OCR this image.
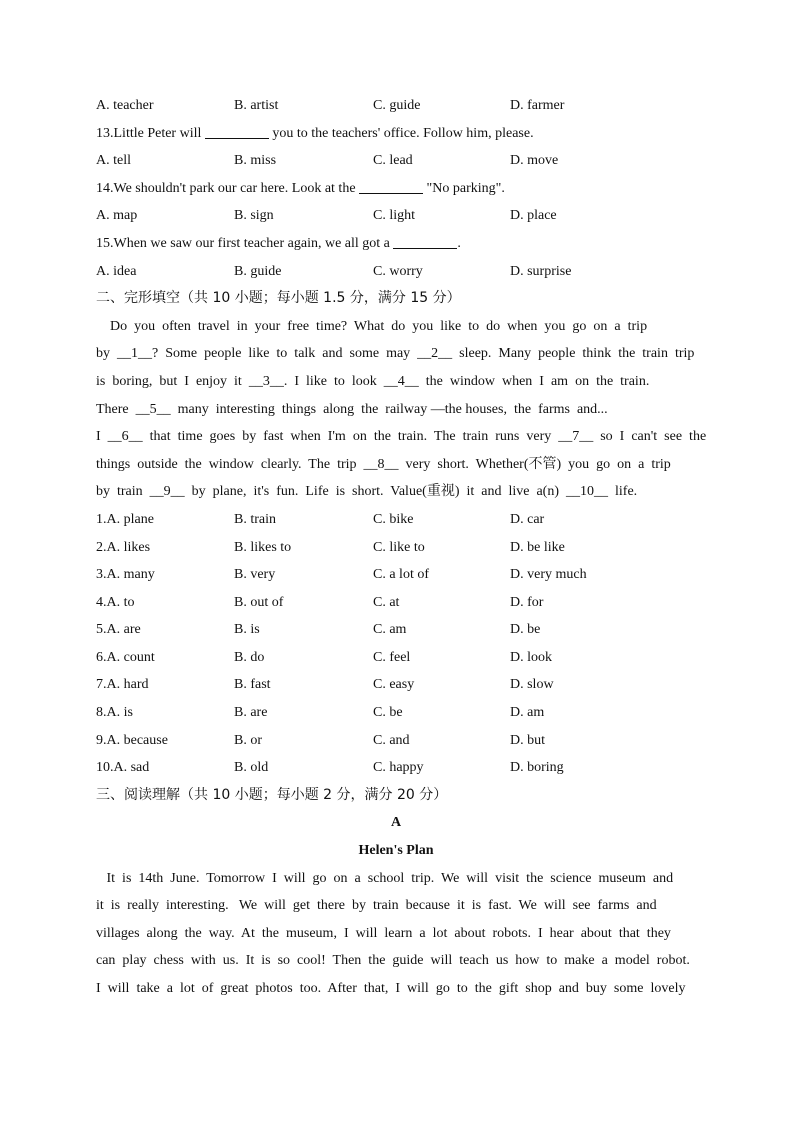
A. teacher	B. artist	C. guide	D. farmer
13.Little Peter will	you to the teachers' office. Follow him, please.
A. tell	B. miss	C. lead	D. move
14.We shouldn't park our car here. Look at the	"No parking".
A. map	B. sign	C. light	D. place
15.When we saw our first teacher again, we all got a	.
A. idea	B. guide	C. worry	D. surprise
二、完形填空（共 10 小题；每小题 1.5 分，满分 15 分）
Do  you  often  travel  in  your  free  time?  What  do  you  like  to  do  when  you  go  on  a  trip
by  __1__?  Some  people  like  to  talk  and  some  may  __2__  sleep.  Many  people  think  the  train  trip
is  boring,  but  I  enjoy  it  __3__.  I  like  to  look  __4__  the  window  when  I  am  on  the  train.
There  __5__  many  interesting  things  along  the  railway —the houses,  the  farms  and...
I  __6__  that  time  goes  by  fast  when  I'm  on  the  train.  The  train  runs  very  __7__  so  I  can't  see  the
things  outside  the  window  clearly.  The  trip  __8__  very  short.  Whether(不管)  you  go  on  a  trip
by  train  __9__  by  plane,  it's  fun.  Life  is  short.  Value(重视)  it  and  live  a(n)  __10__  life.
1.A. plane	B. train	C. bike	D. car
2.A. likes	B. likes to	C. like to	D. be like
3.A. many	B. very	C. a lot of	D. very much
4.A. to	B. out of	C. at	D. for
5.A. are	B. is	C. am	D. be
6.A. count	B. do	C. feel	D. look
7.A. hard	B. fast	C. easy	D. slow
8.A. is	B. are	C. be	D. am
9.A. because	B. or	C. and	D. but
10.A. sad	B. old	C. happy	D. boring
三、阅读理解（共 10 小题；每小题 2 分，满分 20 分）
A
Helen's Plan
It  is  14th  June.  Tomorrow  I  will  go  on  a  school  trip.  We  will  visit  the  science  museum  and
it  is  really  interesting.   We  will  get  there  by  train  because  it  is  fast.  We  will  see  farms  and
villages  along  the  way.  At  the  museum,  I  will  learn  a  lot  about  robots.  I  hear  about  that  they
can  play  chess  with  us.  It  is  so  cool!  Then  the  guide  will  teach  us  how  to  make  a  model  robot.
I  will  take  a  lot  of  great  photos  too.  After  that,  I  will  go  to  the  gift  shop  and  buy  some  lovely
